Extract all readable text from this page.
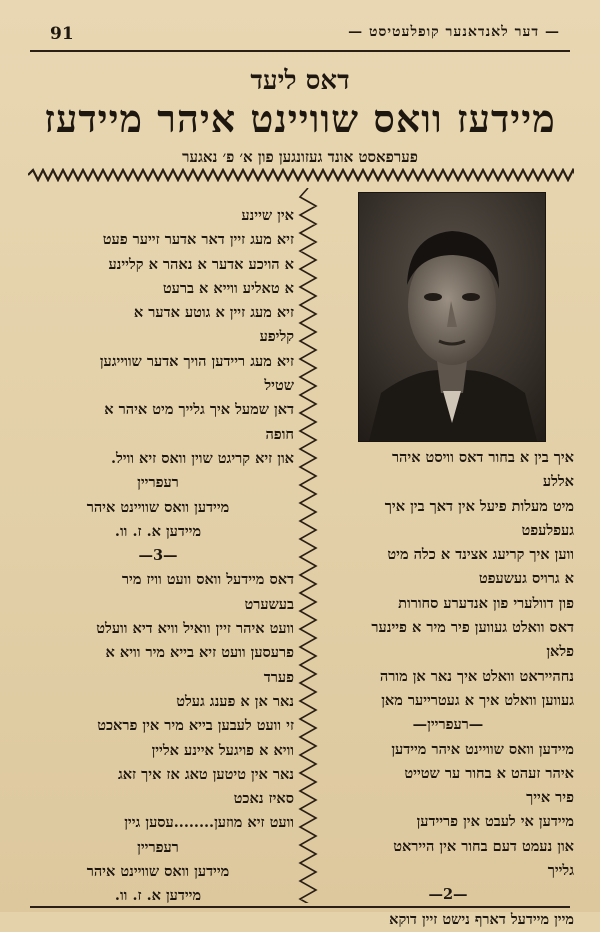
91	— דער לאנדאנער קופלעטיסט —
דאס ליעד
מיידעז וואס שוויינט איהר מיידעז
פערפאסט אונד געזונגען פון א׳ פ׳ נאגער
אין שיינע
זיא מעג זיין דאר אדער זייער פעט
א הויכע אדער א נאהר א קליינע
א טאליע ווייא א ברעט
זיא מעג זיין א גוטע אדער א
קליפע
זיא מעג ריידען הויך אדער שווייגען
שטיל
דאן שמעל איך גלייך מיט איהר א
חופה
און זיא קריגט שוין וואס זיא וויל.
רעפריין
מיידען וואס שוויינט איהר
מיידען א. ז. וו.
—3—
דאס מיידעל וואס וועט וויז מיר
בעשערט
וועט איהר זיין וואיל וויא דיא וועלט
פרעסען וועט זיא בייא מיר וויא א
פערד
נאר אן א פענג געלט
זי וועט לעבען בייא מיר אין פראכט
וויא א פויגעל איינע אליין
נאר אין טיטען טאג אז איך זאג
סאיז נאכט
וועט זיא מוזען........עסען גיין
רעפריין
מיידען וואס שוויינט איהר
מיידען א. ז. וו.
איך בין א בחור דאס וויסט איהר
אללע
מיט מעלות פיעל אין דאך בין איך
געפלעפט
ווען איך קריעג אצינד א כלה מיט
א גרויס געשעפט
פון דוולערי פון אנדערע סחורות
דאס וואלט געווען פיר מיר א פיינער
פלאן
נחהייראט וואלט איך נאר אן מורה
געווען וואלט איך א געטרייער מאן
—רעפריין—
מיידען וואס שוויינט איהר מיידען
איהר זעהט א בחור ער שטייט
פיר אייך
מיידען אי לעבט אין פריידען
און נעמט דעם בחור אין הייראט
גלייך
—2—
מיין מיידעל דארף נישט זיין דוקא
